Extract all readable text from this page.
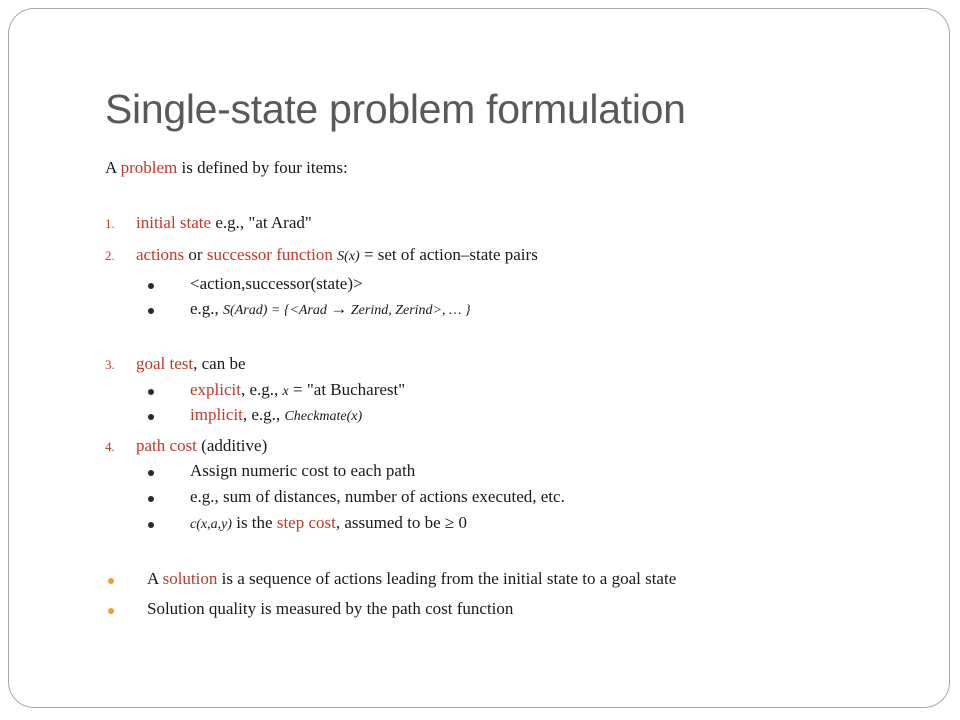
Single-state problem formulation
A problem is defined by four items:
1. initial state e.g., "at Arad"
2. actions or successor function S(x) = set of action–state pairs
<action,successor(state)>
e.g., S(Arad) = {<Arad → Zerind, Zerind>, … }
3. goal test, can be
explicit, e.g., x = "at Bucharest"
implicit, e.g., Checkmate(x)
4. path cost (additive)
Assign numeric cost to each path
e.g., sum of distances, number of actions executed, etc.
c(x,a,y) is the step cost, assumed to be ≥ 0
A solution is a sequence of actions leading from the initial state to a goal state
Solution quality is measured by the path cost function
